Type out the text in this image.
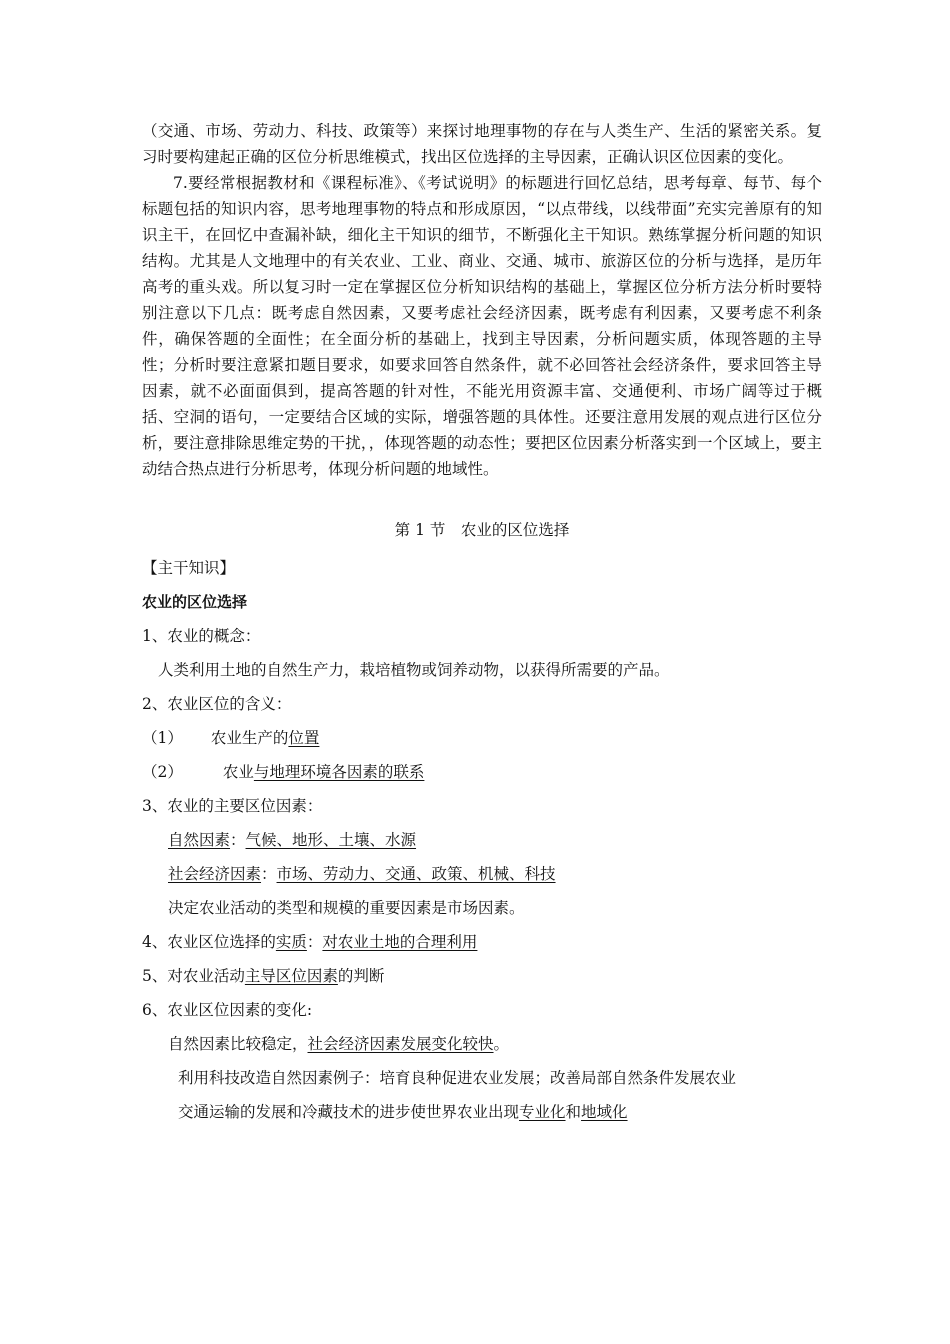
（交通、市场、劳动力、科技、政策等）来探讨地理事物的存在与人类生产、生活的紧密关系。复习时要构建起正确的区位分析思维模式，找出区位选择的主导因素，正确认识区位因素的变化。

7.要经常根据教材和《课程标准》、《考试说明》的标题进行回忆总结，思考每章、每节、每个标题包括的知识内容，思考地理事物的特点和形成原因，“以点带线，以线带面”充实完善原有的知识主干，在回忆中查漏补缺，细化主干知识的细节，不断强化主干知识。熟练掌握分析问题的知识结构。尤其是人文地理中的有关农业、工业、商业、交通、城市、旅游区位的分析与选择，是历年高考的重头戏。所以复习时一定在掌握区位分析知识结构的基础上，掌握区位分析方法分析时要特别注意以下几点：既考虑自然因素，又要考虑社会经济因素，既考虑有利因素，又要考虑不利条件，确保答题的全面性；在全面分析的基础上，找到主导因素，分析问题实质，体现答题的主导性；分析时要注意紧扣题目要求，如要求回答自然条件，就不必回答社会经济条件，要求回答主导因素，就不必面面俱到，提高答题的针对性，不能光用资源丰富、交通便利、市场广阔等过于概括、空洞的语句，一定要结合区域的实际，增强答题的具体性。还要注意用发展的观点进行区位分析，要注意排除思维定势的干扰，，体现答题的动态性；要把区位因素分析落实到一个区域上，要主动结合热点进行分析思考，体现分析问题的地域性。

第 1 节　农业的区位选择
【主干知识】
农业的区位选择
1、农业的概念：
人类利用土地的自然生产力，栽培植物或饲养动物，以获得所需要的产品。
2、农业区位的含义：
（1） 农业生产的位置
（2）	农业与地理环境各因素的联系
3、农业的主要区位因素：
自然因素：气候、地形、土壤、水源
社会经济因素：市场、劳动力、交通、政策、机械、科技
决定农业活动的类型和规模的重要因素是市场因素。
4、农业区位选择的实质：对农业土地的合理利用
5、对农业活动主导区位因素的判断
6、农业区位因素的变化:
自然因素比较稳定，社会经济因素发展变化较快。
利用科技改造自然因素例子：培育良种促进农业发展；改善局部自然条件发展农业
交通运输的发展和冷藏技术的进步使世界农业出现专业化和地域化
